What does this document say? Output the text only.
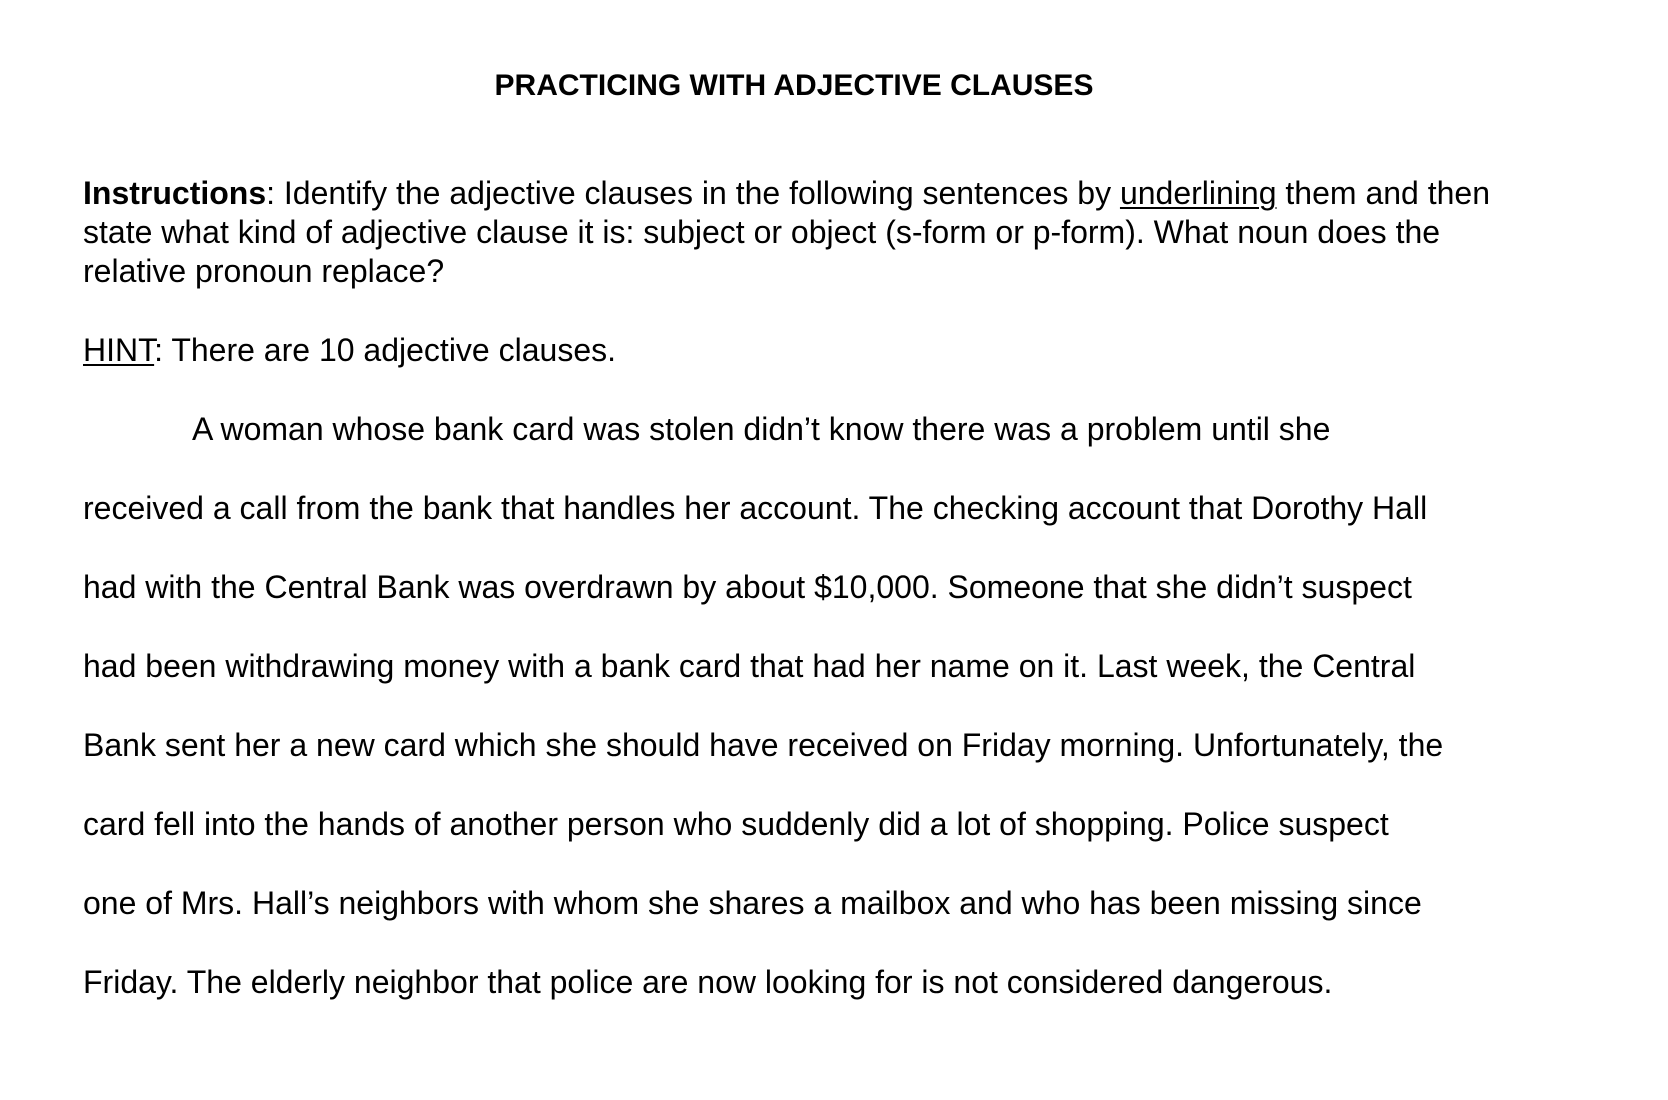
PRACTICING WITH ADJECTIVE CLAUSES

Instructions: Identify the adjective clauses in the following sentences by underlining them and then state what kind of adjective clause it is: subject or object (s-form or p-form). What noun does the relative pronoun replace?

HINT: There are 10 adjective clauses.

A woman whose bank card was stolen didn’t know there was a problem until she
received a call from the bank that handles her account. The checking account that Dorothy Hall
had with the Central Bank was overdrawn by about $10,000. Someone that she didn’t suspect
had been withdrawing money with a bank card that had her name on it. Last week, the Central
Bank sent her a new card which she should have received on Friday morning. Unfortunately, the
card fell into the hands of another person who suddenly did a lot of shopping. Police suspect
one of Mrs. Hall’s neighbors with whom she shares a mailbox and who has been missing since
Friday. The elderly neighbor that police are now looking for is not considered dangerous.
